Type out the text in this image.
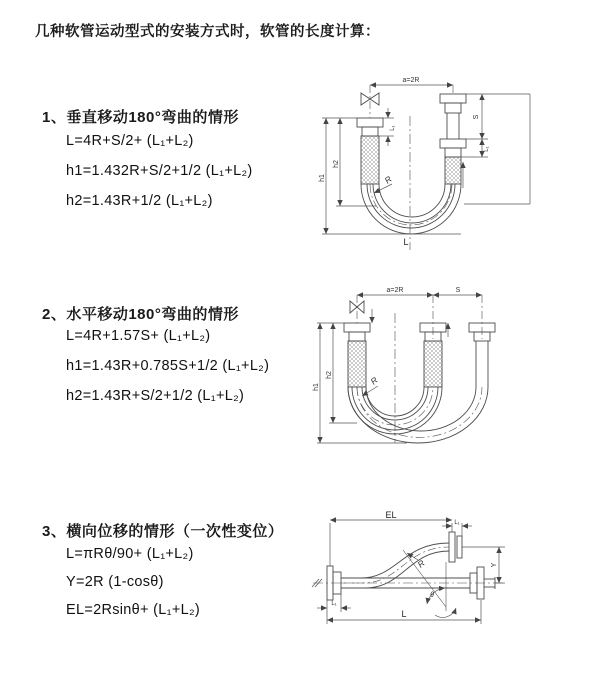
几种软管运动型式的安装方式时，软管的长度计算：
1、垂直移动180°弯曲的情形
L=4R+S/2+ (L₁+L₂)
h1=1.432R+S/2+1/2 (L₁+L₂)
h2=1.43R+1/2 (L₁+L₂)
a=2R
h1
h2
L₁
S
L₁
R
L
2、水平移动180°弯曲的情形
L=4R+1.57S+ (L₁+L₂)
h1=1.43R+0.785S+1/2 (L₁+L₂)
h2=1.43R+S/2+1/2 (L₁+L₂)
a=2R	S
h1
h2	R
3、横向位移的情形（一次性变位）
L=πRθ/90+ (L₁+L₂)
Y=2R (1-cosθ)
EL=2Rsinθ+ (L₁+L₂)
EL
L₁
Y
R
θ
L₁
L
